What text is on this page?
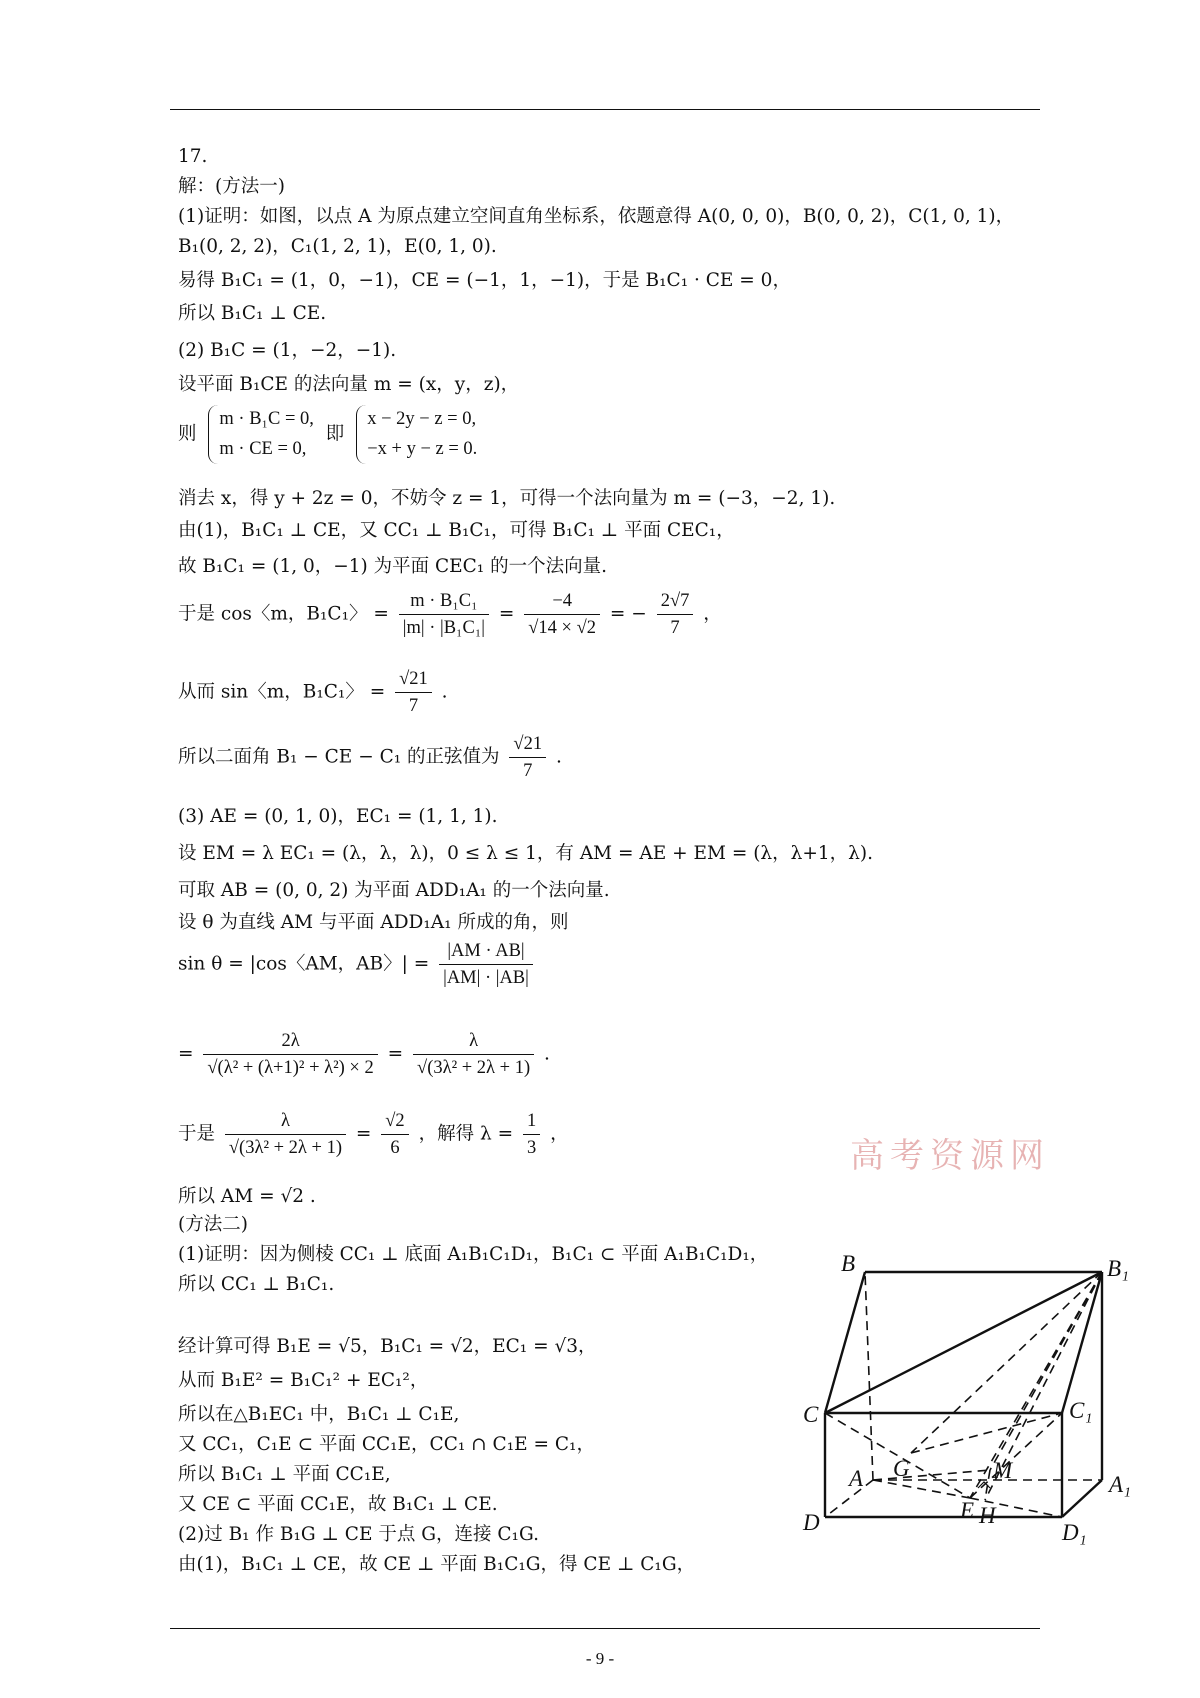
17.
解：(方法一)
(1)证明：如图，以点 A 为原点建立空间直角坐标系，依题意得 A(0, 0, 0)，B(0, 0, 2)，C(1, 0, 1)，
B₁(0, 2, 2)，C₁(1, 2, 1)，E(0, 1, 0).
易得 B₁C₁ = (1，0，−1)，CE = (−1，1，−1)，于是 B₁C₁ · CE = 0，
所以 B₁C₁ ⊥ CE.
(2) B₁C = (1，−2，−1).
设平面 B₁CE 的法向量 m = (x，y，z)，
则
m · B₁C = 0,
m · CE = 0,
即
x − 2y − z = 0,
−x + y − z = 0.
消去 x，得 y + 2z = 0，不妨令 z = 1，可得一个法向量为 m = (−3，−2, 1).
由(1)，B₁C₁ ⊥ CE，又 CC₁ ⊥ B₁C₁，可得 B₁C₁ ⊥ 平面 CEC₁，
故 B₁C₁ = (1, 0，−1) 为平面 CEC₁ 的一个法向量.
于是 cos〈m，B₁C₁〉 = $\frac{\text{m · B₁C₁}}{\text{|m| · |B₁C₁|}} = \frac{-4}{√14 \times √2}$ = − $\frac{2√7}{7}$ ，
从而 sin〈m，B₁C₁〉 = $\frac{√21}{7}$ .
所以二面角 B₁ − CE − C₁ 的正弦值为 $\frac{√21}{7}$ .
(3) AE = (0, 1, 0)，EC₁ = (1, 1, 1).
设 EM = λ EC₁ = (λ，λ，λ)，0 ≤ λ ≤ 1，有 AM = AE + EM = (λ，λ+1，λ).
可取 AB = (0, 0, 2) 为平面 ADD₁A₁ 的一个法向量.
设 θ 为直线 AM 与平面 ADD₁A₁ 所成的角，则
sin θ = |cos〈AM，AB〉| = $\frac{|AM \cdot AB|}{|AM| \cdot |AB|}$
= $\frac{2\lambda}{\text{√(λ² + (λ+1)² + λ²) × 2}} = \frac{\lambda}{\text{√(3λ² + 2λ + 1)}}$ .
于是 $\frac{\lambda}{\text{√(3λ² + 2λ + 1)}} = \frac{√2}{6}$ ，解得 $\lambda = \frac{1}{3}$ ，
所以 AM = √2 .
(方法二)
(1)证明：因为侧棱 CC₁ ⊥ 底面 A₁B₁C₁D₁，B₁C₁ ⊂ 平面 A₁B₁C₁D₁，
所以 CC₁ ⊥ B₁C₁.
经计算可得 B₁E = √5，B₁C₁ = √2，EC₁ = √3，
从而 B₁E² = B₁C₁² + EC₁²，
所以在△B₁EC₁ 中，B₁C₁ ⊥ C₁E,
又 CC₁，C₁E ⊂ 平面 CC₁E，CC₁ ∩ C₁E = C₁，
所以 B₁C₁ ⊥ 平面 CC₁E,
又 CE ⊂ 平面 CC₁E，故 B₁C₁ ⊥ CE.
(2)过 B₁ 作 B₁G ⊥ CE 于点 G，连接 C₁G.
由(1)，B₁C₁ ⊥ CE，故 CE ⊥ 平面 B₁C₁G，得 CE ⊥ C₁G，
高考资源网
B	B₁
C	C₁
G	M
A	A₁
E H
D	D₁
- 9 -
